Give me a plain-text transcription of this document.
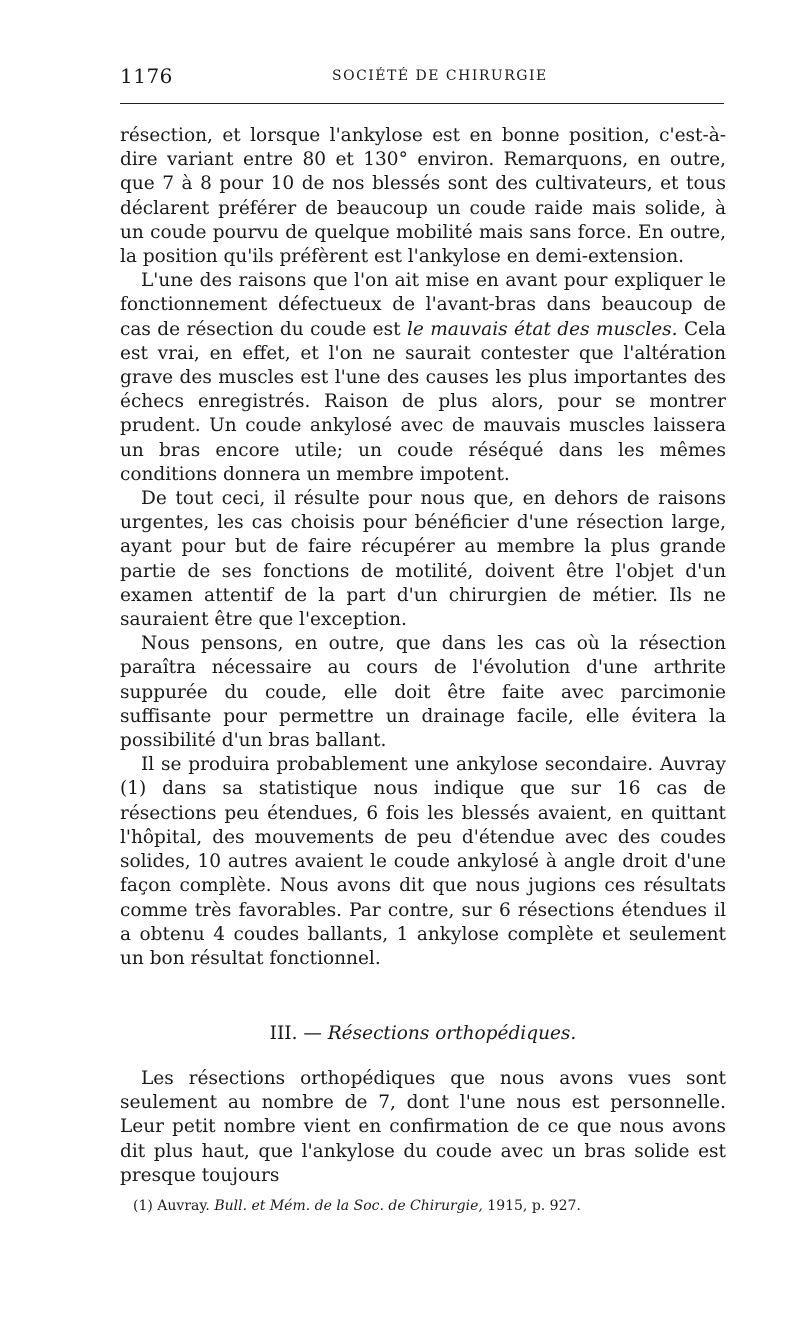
1176	SOCIÉTÉ DE CHIRURGIE

résection, et lorsque l'ankylose est en bonne position, c'est-à-dire variant entre 80 et 130° environ. Remarquons, en outre, que 7 à 8 pour 10 de nos blessés sont des cultivateurs, et tous déclarent préférer de beaucoup un coude raide mais solide, à un coude pourvu de quelque mobilité mais sans force. En outre, la position qu'ils préfèrent est l'ankylose en demi-extension.

L'une des raisons que l'on ait mise en avant pour expliquer le fonctionnement défectueux de l'avant-bras dans beaucoup de cas de résection du coude est le mauvais état des muscles. Cela est vrai, en effet, et l'on ne saurait contester que l'altération grave des muscles est l'une des causes les plus importantes des échecs enregistrés. Raison de plus alors, pour se montrer prudent. Un coude ankylosé avec de mauvais muscles laissera un bras encore utile; un coude réséqué dans les mêmes conditions donnera un membre impotent.

De tout ceci, il résulte pour nous que, en dehors de raisons urgentes, les cas choisis pour bénéficier d'une résection large, ayant pour but de faire récupérer au membre la plus grande partie de ses fonctions de motilité, doivent être l'objet d'un examen attentif de la part d'un chirurgien de métier. Ils ne sauraient être que l'exception.

Nous pensons, en outre, que dans les cas où la résection paraîtra nécessaire au cours de l'évolution d'une arthrite suppurée du coude, elle doit être faite avec parcimonie suffisante pour permettre un drainage facile, elle évitera la possibilité d'un bras ballant.

Il se produira probablement une ankylose secondaire. Auvray (1) dans sa statistique nous indique que sur 16 cas de résections peu étendues, 6 fois les blessés avaient, en quittant l'hôpital, des mouvements de peu d'étendue avec des coudes solides, 10 autres avaient le coude ankylosé à angle droit d'une façon complète. Nous avons dit que nous jugions ces résultats comme très favorables. Par contre, sur 6 résections étendues il a obtenu 4 coudes ballants, 1 ankylose complète et seulement un bon résultat fonctionnel.

III. — Résections orthopédiques.

Les résections orthopédiques que nous avons vues sont seulement au nombre de 7, dont l'une nous est personnelle. Leur petit nombre vient en confirmation de ce que nous avons dit plus haut, que l'ankylose du coude avec un bras solide est presque toujours

(1) Auvray. Bull. et Mém. de la Soc. de Chirurgie, 1915, p. 927.
